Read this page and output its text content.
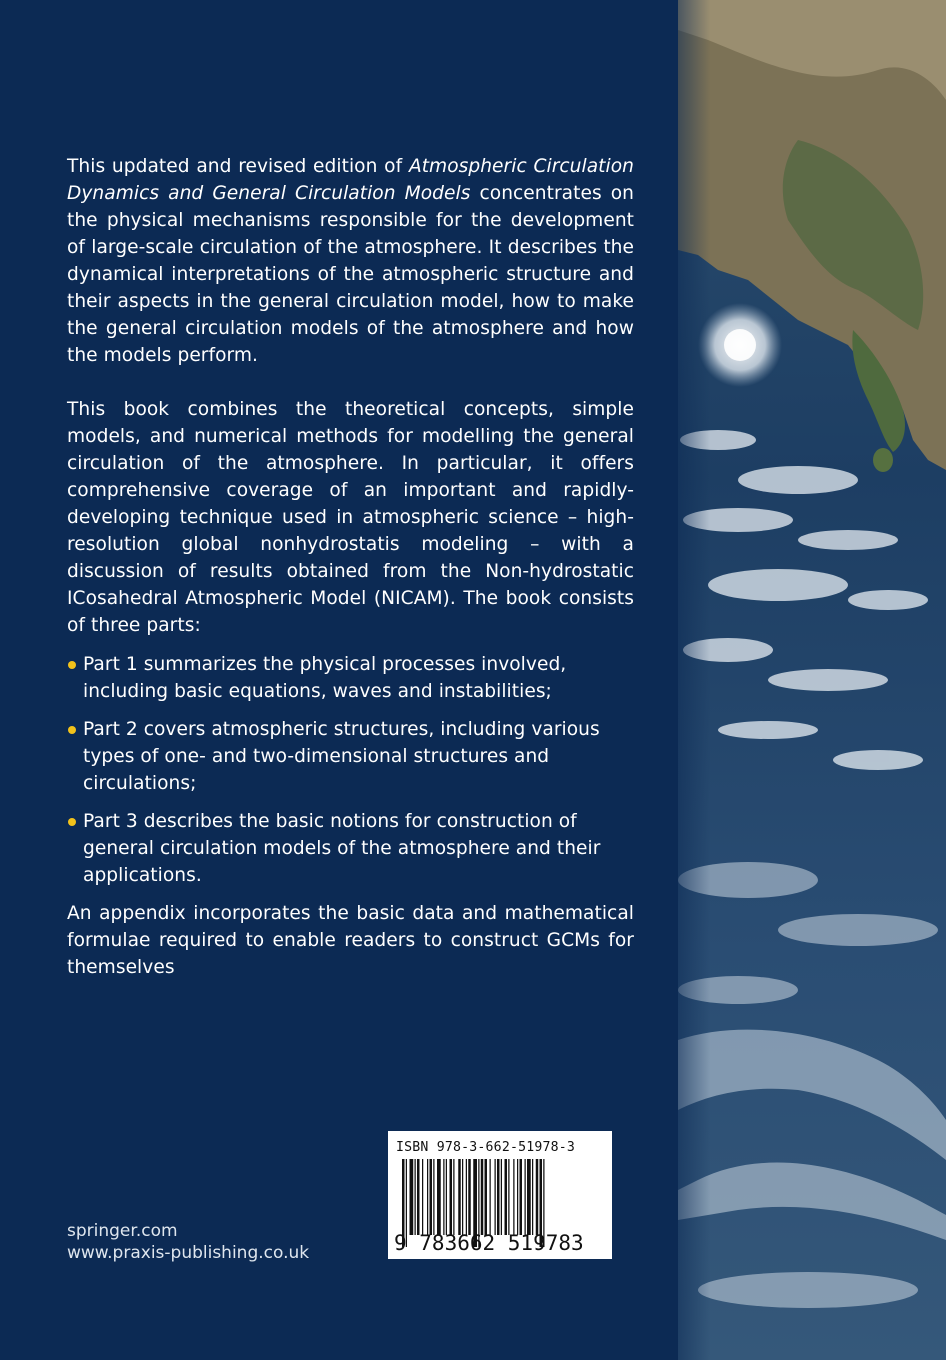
This updated and revised edition of Atmospheric Circulation Dynamics and General Circulation Models concentrates on the physical mechanisms responsible for the development of large-scale circulation of the atmosphere. It describes the dynamical interpretations of the atmospheric structure and their aspects in the general circulation model, how to make the general circulation models of the atmosphere and how the models perform.

This book combines the theoretical concepts, simple models, and numerical methods for modelling the general circulation of the atmosphere. In particular, it offers comprehensive coverage of an important and rapidly-developing technique used in atmospheric science – high-resolution global nonhydrostatis modeling – with a discussion of results obtained from the Non-hydrostatic ICosahedral Atmospheric Model (NICAM). The book consists of three parts:

Part 1 summarizes the physical processes involved, including basic equations, waves and instabilities;
Part 2 covers atmospheric structures, including various types of one- and two-dimensional structures and circulations;
Part 3 describes the basic notions for construction of general circulation models of the atmosphere and their applications.

An appendix incorporates the basic data and mathematical formulae required to enable readers to construct GCMs for themselves

springer.com
www.praxis-publishing.co.uk
ISBN 978-3-662-51978-3
9 783662 519783
